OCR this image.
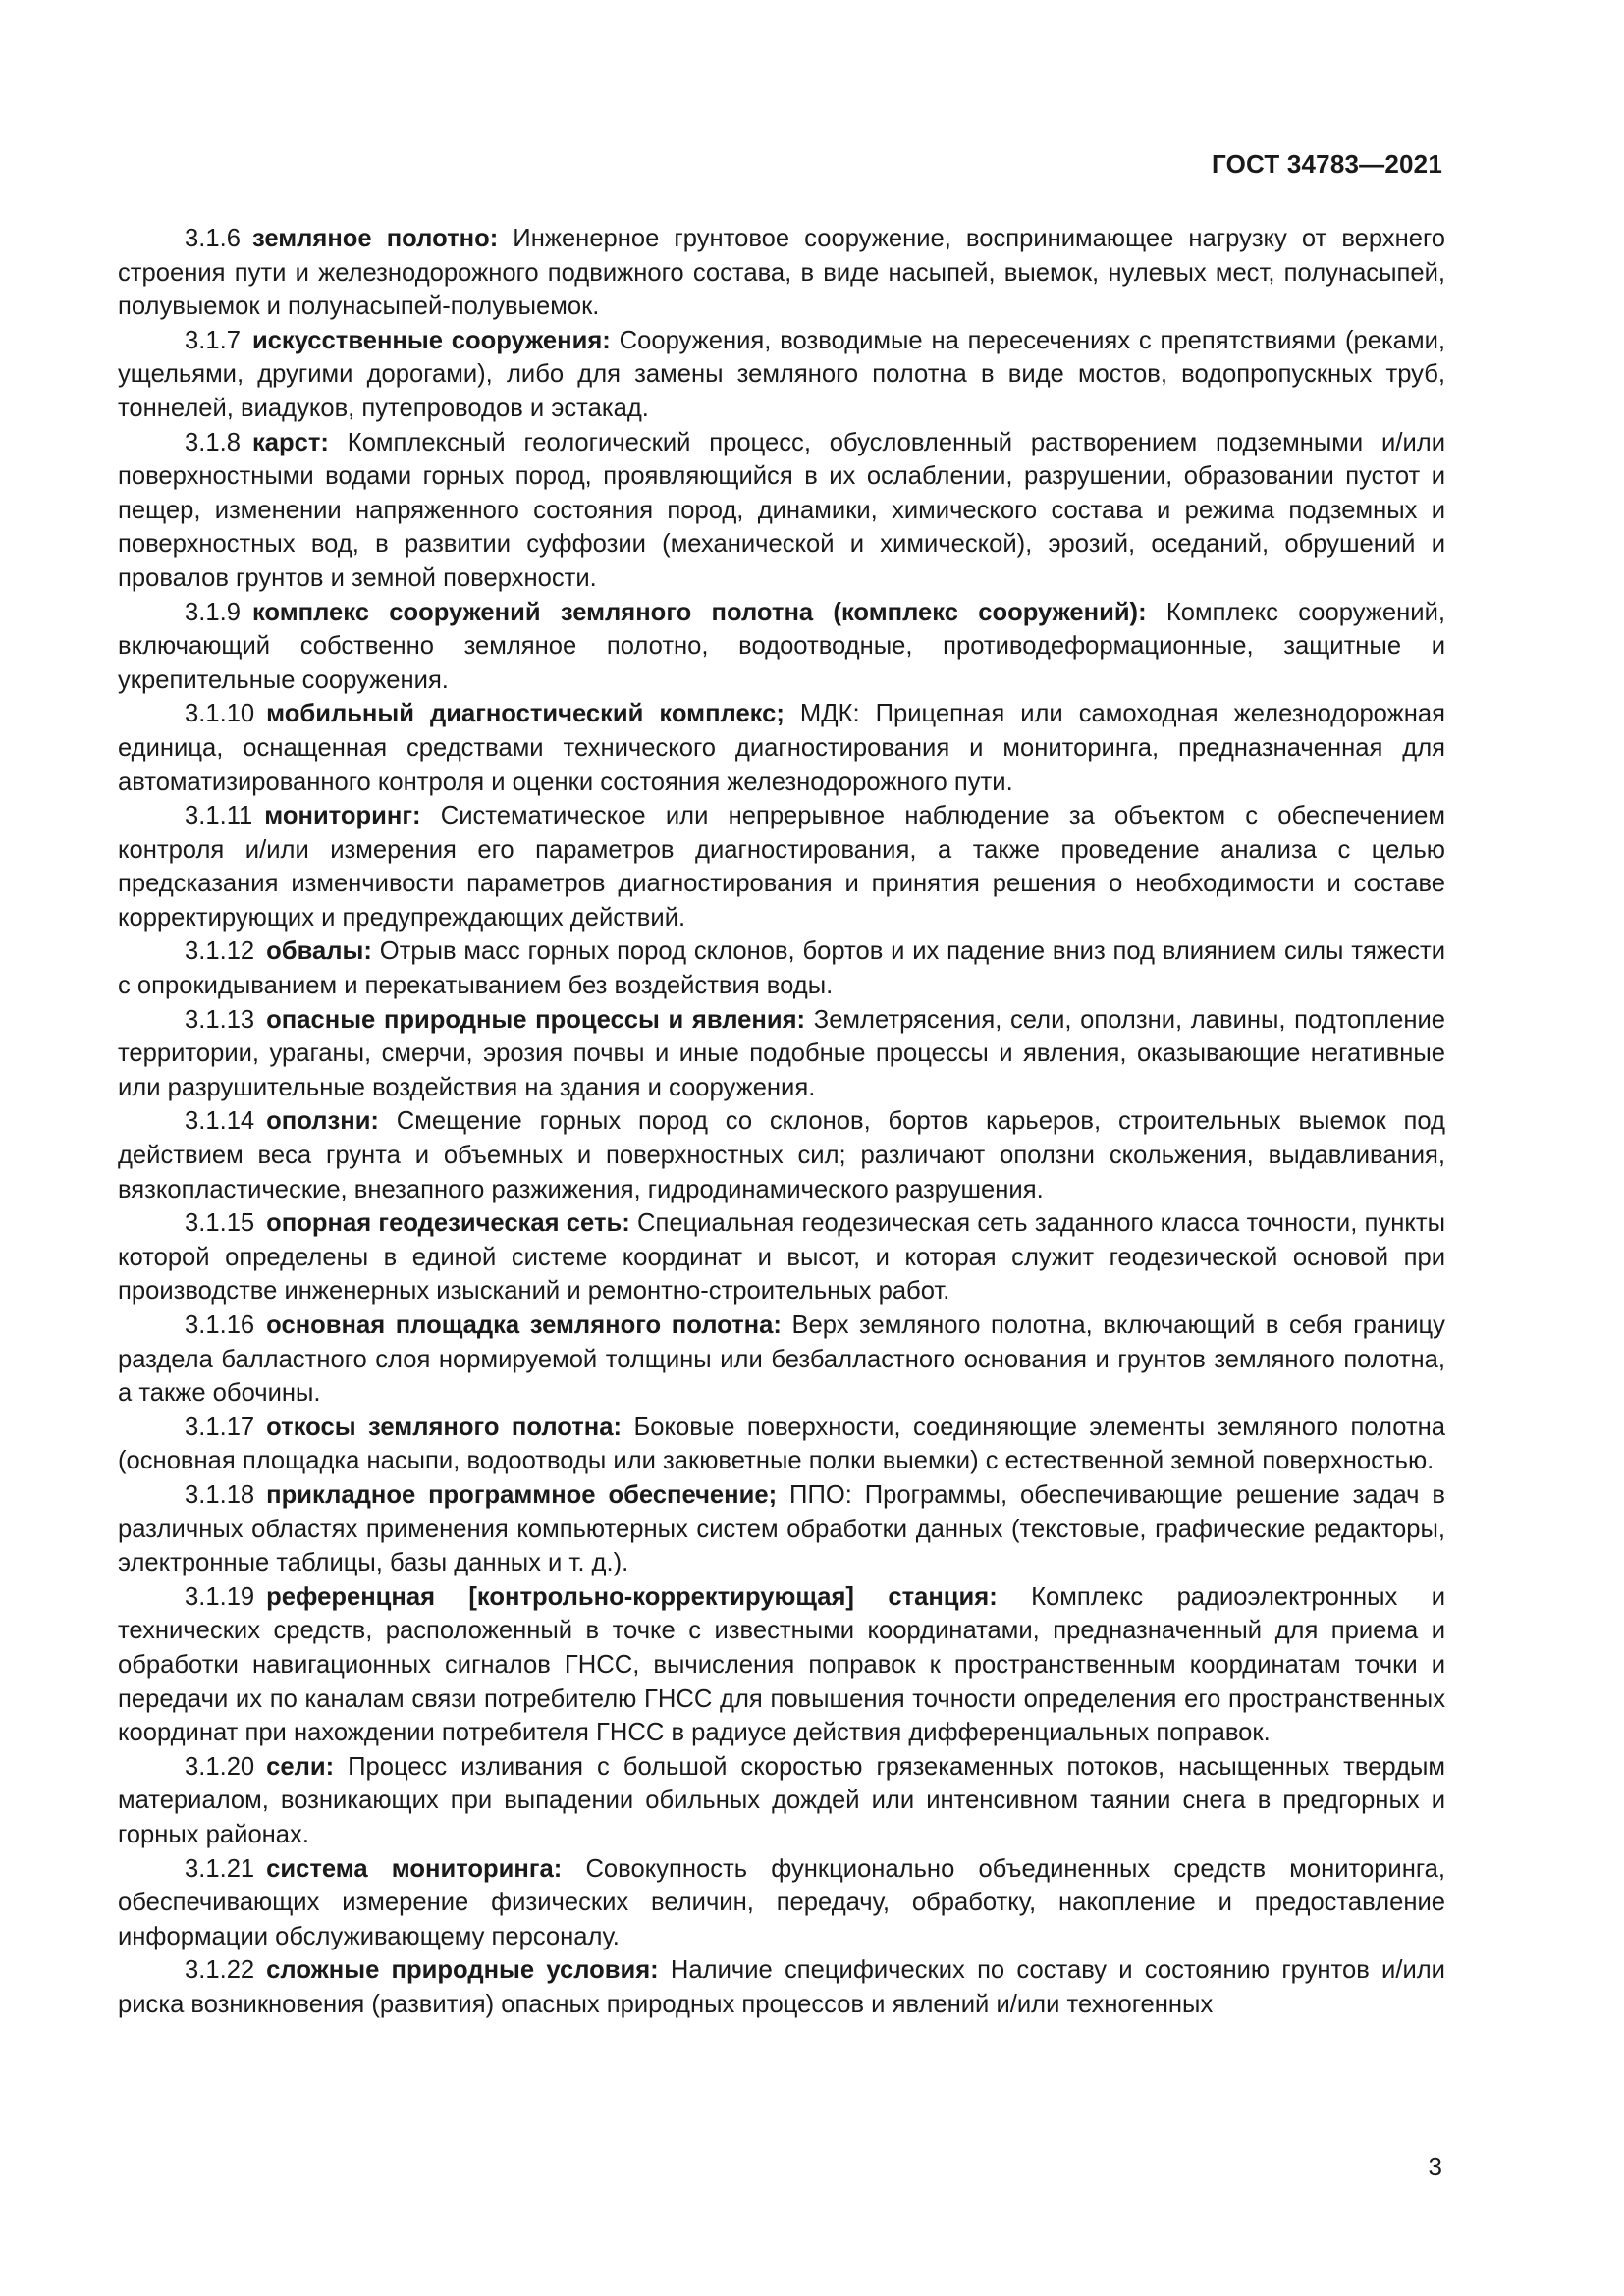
ГОСТ 34783—2021

3.1.6 земляное полотно: Инженерное грунтовое сооружение, воспринимающее нагрузку от верхнего строения пути и железнодорожного подвижного состава, в виде насыпей, выемок, нулевых мест, полунасыпей, полувыемок и полунасыпей-полувыемок.

3.1.7 искусственные сооружения: Сооружения, возводимые на пересечениях с препятствиями (реками, ущельями, другими дорогами), либо для замены земляного полотна в виде мостов, водопропускных труб, тоннелей, виадуков, путепроводов и эстакад.

3.1.8 карст: Комплексный геологический процесс, обусловленный растворением подземными и/или поверхностными водами горных пород, проявляющийся в их ослаблении, разрушении, образовании пустот и пещер, изменении напряженного состояния пород, динамики, химического состава и режима подземных и поверхностных вод, в развитии суффозии (механической и химической), эрозий, оседаний, обрушений и провалов грунтов и земной поверхности.

3.1.9 комплекс сооружений земляного полотна (комплекс сооружений): Комплекс сооружений, включающий собственно земляное полотно, водоотводные, противодеформационные, защитные и укрепительные сооружения.

3.1.10 мобильный диагностический комплекс; МДК: Прицепная или самоходная железнодорожная единица, оснащенная средствами технического диагностирования и мониторинга, предназначенная для автоматизированного контроля и оценки состояния железнодорожного пути.

3.1.11 мониторинг: Систематическое или непрерывное наблюдение за объектом с обеспечением контроля и/или измерения его параметров диагностирования, а также проведение анализа с целью предсказания изменчивости параметров диагностирования и принятия решения о необходимости и составе корректирующих и предупреждающих действий.

3.1.12 обвалы: Отрыв масс горных пород склонов, бортов и их падение вниз под влиянием силы тяжести с опрокидыванием и перекатыванием без воздействия воды.

3.1.13 опасные природные процессы и явления: Землетрясения, сели, оползни, лавины, подтопление территории, ураганы, смерчи, эрозия почвы и иные подобные процессы и явления, оказывающие негативные или разрушительные воздействия на здания и сооружения.

3.1.14 оползни: Смещение горных пород со склонов, бортов карьеров, строительных выемок под действием веса грунта и объемных и поверхностных сил; различают оползни скольжения, выдавливания, вязкопластические, внезапного разжижения, гидродинамического разрушения.

3.1.15 опорная геодезическая сеть: Специальная геодезическая сеть заданного класса точности, пункты которой определены в единой системе координат и высот, и которая служит геодезической основой при производстве инженерных изысканий и ремонтно-строительных работ.

3.1.16 основная площадка земляного полотна: Верх земляного полотна, включающий в себя границу раздела балластного слоя нормируемой толщины или безбалластного основания и грунтов земляного полотна, а также обочины.

3.1.17 откосы земляного полотна: Боковые поверхности, соединяющие элементы земляного полотна (основная площадка насыпи, водоотводы или закюветные полки выемки) с естественной земной поверхностью.

3.1.18 прикладное программное обеспечение; ППО: Программы, обеспечивающие решение задач в различных областях применения компьютерных систем обработки данных (текстовые, графические редакторы, электронные таблицы, базы данных и т. д.).

3.1.19 референцная [контрольно-корректирующая] станция: Комплекс радиоэлектронных и технических средств, расположенный в точке с известными координатами, предназначенный для приема и обработки навигационных сигналов ГНСС, вычисления поправок к пространственным координатам точки и передачи их по каналам связи потребителю ГНСС для повышения точности определения его пространственных координат при нахождении потребителя ГНСС в радиусе действия дифференциальных поправок.

3.1.20 сели: Процесс изливания с большой скоростью грязекаменных потоков, насыщенных твердым материалом, возникающих при выпадении обильных дождей или интенсивном таянии снега в предгорных и горных районах.

3.1.21 система мониторинга: Совокупность функционально объединенных средств мониторинга, обеспечивающих измерение физических величин, передачу, обработку, накопление и предоставление информации обслуживающему персоналу.

3.1.22 сложные природные условия: Наличие специфических по составу и состоянию грунтов и/или риска возникновения (развития) опасных природных процессов и явлений и/или техногенных

3
